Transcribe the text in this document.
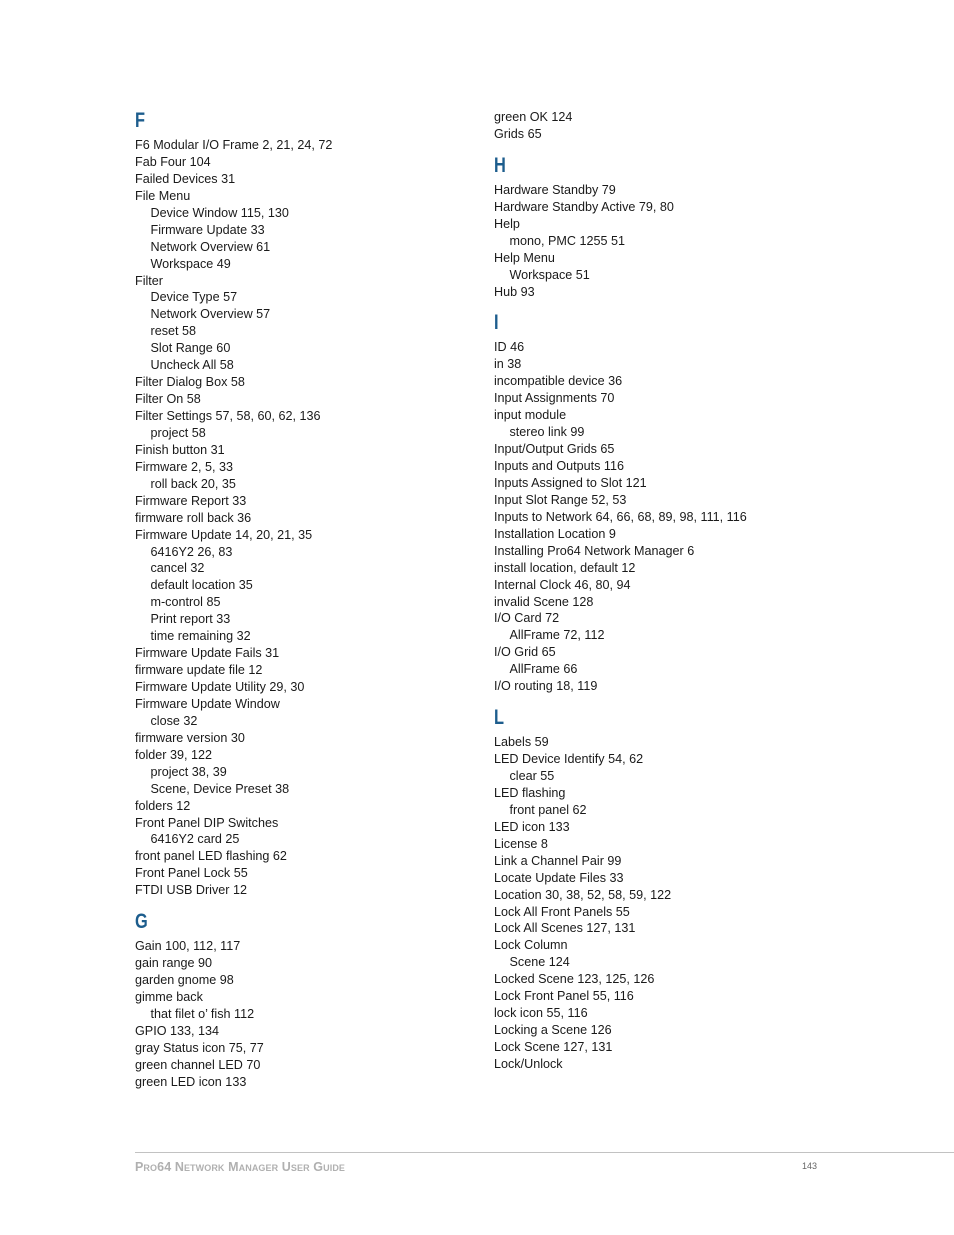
F
F6 Modular I/O Frame 2, 21, 24, 72
Fab Four 104
Failed Devices 31
File Menu
Device Window 115, 130
Firmware Update 33
Network Overview 61
Workspace 49
Filter
Device Type 57
Network Overview 57
reset 58
Slot Range 60
Uncheck All 58
Filter Dialog Box 58
Filter On 58
Filter Settings 57, 58, 60, 62, 136
project 58
Finish button 31
Firmware 2, 5, 33
roll back 20, 35
Firmware Report 33
firmware roll back 36
Firmware Update 14, 20, 21, 35
6416Y2 26, 83
cancel 32
default location 35
m-control 85
Print report 33
time remaining 32
Firmware Update Fails 31
firmware update file 12
Firmware Update Utility 29, 30
Firmware Update Window
close 32
firmware version 30
folder 39, 122
project 38, 39
Scene, Device Preset 38
folders 12
Front Panel DIP Switches
6416Y2 card 25
front panel LED flashing 62
Front Panel Lock 55
FTDI USB Driver 12
G
Gain 100, 112, 117
gain range 90
garden gnome 98
gimme back
that filet o’ fish 112
GPIO 133, 134
gray Status icon 75, 77
green channel LED 70
green LED icon 133
green OK 124
Grids 65
H
Hardware Standby 79
Hardware Standby Active 79, 80
Help
mono, PMC 1255 51
Help Menu
Workspace 51
Hub 93
I
ID 46
in 38
incompatible device 36
Input Assignments 70
input module
stereo link 99
Input/Output Grids 65
Inputs and Outputs 116
Inputs Assigned to Slot 121
Input Slot Range 52, 53
Inputs to Network 64, 66, 68, 89, 98, 111, 116
Installation Location 9
Installing Pro64 Network Manager 6
install location, default 12
Internal Clock 46, 80, 94
invalid Scene 128
I/O Card 72
AllFrame 72, 112
I/O Grid 65
AllFrame 66
I/O routing 18, 119
L
Labels 59
LED Device Identify 54, 62
clear 55
LED flashing
front panel 62
LED icon 133
License 8
Link a Channel Pair 99
Locate Update Files 33
Location 30, 38, 52, 58, 59, 122
Lock All Front Panels 55
Lock All Scenes 127, 131
Lock Column
Scene 124
Locked Scene 123, 125, 126
Lock Front Panel 55, 116
lock icon 55, 116
Locking a Scene 126
Lock Scene 127, 131
Lock/Unlock
Pro64 Network Manager User Guide	143
